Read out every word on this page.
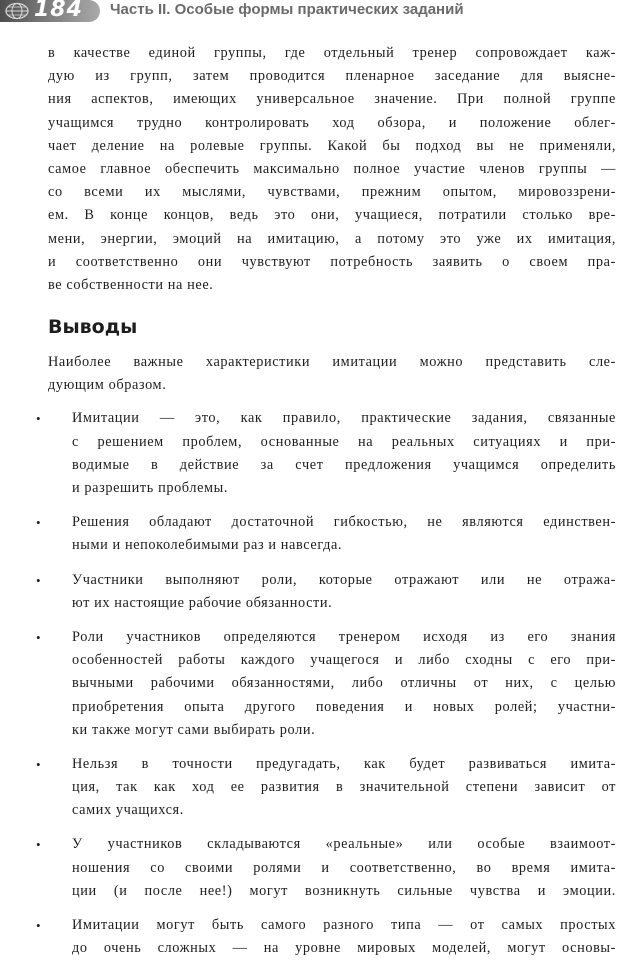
184 Часть II. Особые формы практических заданий
в качестве единой группы, где отдельный тренер сопровождает каж-
дую из групп, затем проводится пленарное заседание для выясне-
ния аспектов, имеющих универсальное значение. При полной группе
учащимся трудно контролировать ход обзора, и положение облег-
чает деление на ролевые группы. Какой бы подход вы не применяли,
самое главное обеспечить максимально полное участие членов группы —
со всеми их мыслями, чувствами, прежним опытом, мировоззрени-
ем. В конце концов, ведь это они, учащиеся, потратили столько вре-
мени, энергии, эмоций на имитацию, а потому это уже их имитация,
и соответственно они чувствуют потребность заявить о своем пра-
ве собственности на нее.
Выводы
Наиболее важные характеристики имитации можно представить сле-
дующим образом.
• Имитации — это, как правило, практические задания, связанные
с решением проблем, основанные на реальных ситуациях и при-
водимые в действие за счет предложения учащимся определить
и разрешить проблемы.
• Решения обладают достаточной гибкостью, не являются единствен-
ными и непоколебимыми раз и навсегда.
• Участники выполняют роли, которые отражают или не отража-
ют их настоящие рабочие обязанности.
• Роли участников определяются тренером исходя из его знания
особенностей работы каждого учащегося и либо сходны с его при-
вычными рабочими обязанностями, либо отличны от них, с целью
приобретения опыта другого поведения и новых ролей; участни-
ки также могут сами выбирать роли.
• Нельзя в точности предугадать, как будет развиваться имита-
ция, так как ход ее развития в значительной степени зависит от
самих учащихся.
• У участников складываются «реальные» или особые взаимоот-
ношения со своими ролями и соответственно, во время имита-
ции (и после нее!) могут возникнуть сильные чувства и эмоции.
• Имитации могут быть самого разного типа — от самых простых
до очень сложных — на уровне мировых моделей, могут основы-
